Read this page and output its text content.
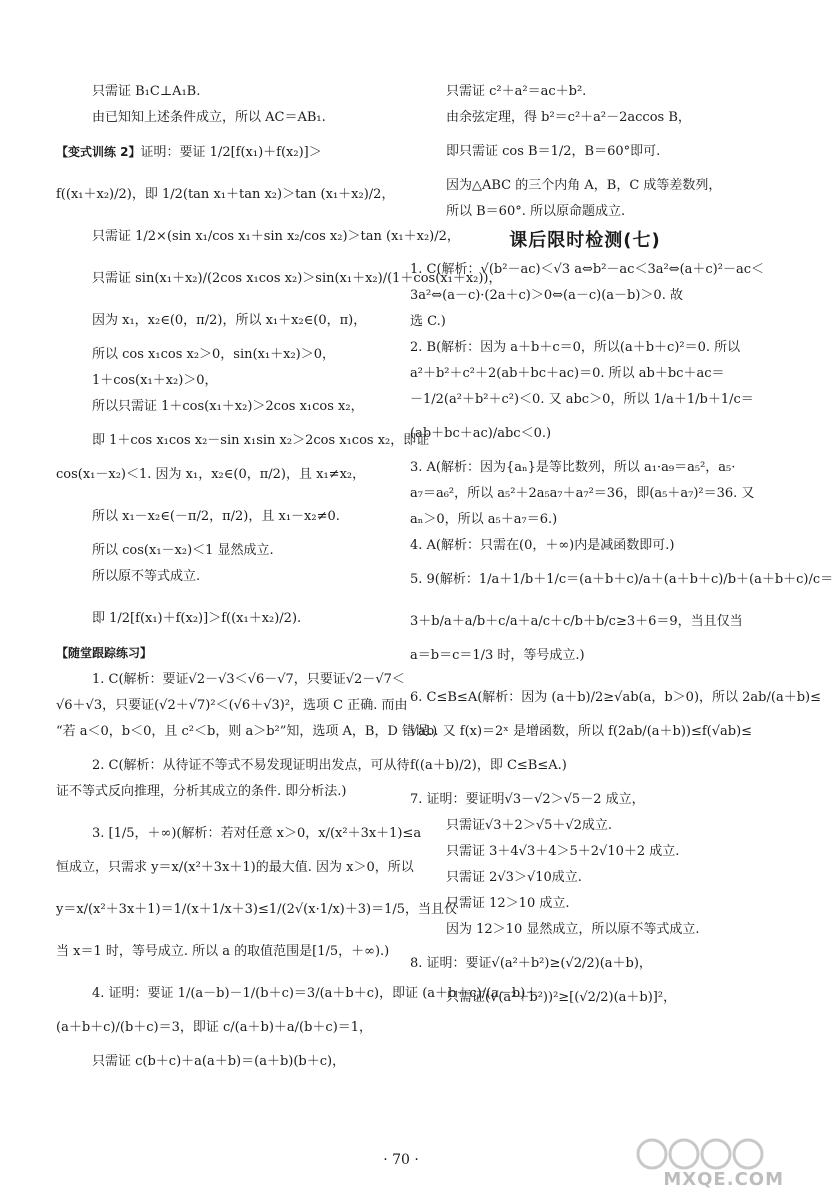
只需证 B₁C⊥A₁B.

由已知知上述条件成立，所以 AC＝AB₁.

【变式训练 2】证明：要证 1/2[f(x₁)＋f(x₂)]＞

f((x₁＋x₂)/2)，即 1/2(tan x₁＋tan x₂)＞tan (x₁＋x₂)/2，

只需证 1/2×(sin x₁/cos x₁＋sin x₂/cos x₂)＞tan (x₁＋x₂)/2，

只需证 sin(x₁＋x₂)/(2cos x₁cos x₂)＞sin(x₁＋x₂)/(1＋cos(x₁＋x₂))，

因为 x₁，x₂∈(0，π/2)，所以 x₁＋x₂∈(0，π)，

所以 cos x₁cos x₂＞0，sin(x₁＋x₂)＞0，

1＋cos(x₁＋x₂)＞0，

所以只需证 1＋cos(x₁＋x₂)＞2cos x₁cos x₂，

即 1＋cos x₁cos x₂－sin x₁sin x₂＞2cos x₁cos x₂，即证

cos(x₁－x₂)＜1. 因为 x₁，x₂∈(0，π/2)，且 x₁≠x₂，

所以 x₁－x₂∈(－π/2，π/2)，且 x₁－x₂≠0.

所以 cos(x₁－x₂)＜1 显然成立.

所以原不等式成立.

即 1/2[f(x₁)＋f(x₂)]＞f((x₁＋x₂)/2).

【随堂跟踪练习】

1. C(解析：要证√2－√3＜√6－√7，只要证√2－√7＜

√6＋√3，只要证(√2＋√7)²＜(√6＋√3)²，选项 C 正确. 而由

“若 a＜0，b＜0，且 c²＜b，则 a＞b²”知，选项 A，B，D 错误.)

2. C(解析：从待证不等式不易发现证明出发点，可从待

证不等式反向推理，分析其成立的条件. 即分析法.)

3. [1/5，＋∞)(解析：若对任意 x＞0，x/(x²＋3x＋1)≤a

恒成立，只需求 y＝x/(x²＋3x＋1)的最大值. 因为 x＞0，所以

y＝x/(x²＋3x＋1)＝1/(x＋1/x＋3)≤1/(2√(x·1/x)＋3)＝1/5，当且仅

当 x＝1 时，等号成立. 所以 a 的取值范围是[1/5，＋∞).)

4. 证明：要证 1/(a－b)－1/(b＋c)＝3/(a＋b＋c)，即证 (a＋b＋c)/(a－b)＋

(a＋b＋c)/(b＋c)＝3，即证 c/(a＋b)＋a/(b＋c)＝1，

只需证 c(b＋c)＋a(a＋b)＝(a＋b)(b＋c)，

只需证 c²＋a²＝ac＋b².

由余弦定理，得 b²＝c²＋a²－2accos B，

即只需证 cos B＝1/2，B＝60°即可.

因为△ABC 的三个内角 A，B，C 成等差数列，

所以 B＝60°. 所以原命题成立.

课后限时检测(七)

1. C(解析：√(b²－ac)＜√3 a⇔b²－ac＜3a²⇔(a＋c)²－ac＜

3a²⇔(a－c)·(2a＋c)＞0⇔(a－c)(a－b)＞0. 故

选 C.)

2. B(解析：因为 a＋b＋c＝0，所以(a＋b＋c)²＝0. 所以

a²＋b²＋c²＋2(ab＋bc＋ac)＝0. 所以 ab＋bc＋ac＝

－1/2(a²＋b²＋c²)＜0. 又 abc＞0，所以 1/a＋1/b＋1/c＝

(ab＋bc＋ac)/abc＜0.)

3. A(解析：因为{aₙ}是等比数列，所以 a₁·a₉＝a₅²，a₅·

a₇＝a₆²，所以 a₅²＋2a₅a₇＋a₇²＝36，即(a₅＋a₇)²＝36. 又

aₙ＞0，所以 a₅＋a₇＝6.)

4. A(解析：只需在(0，＋∞)内是减函数即可.)

5. 9(解析：1/a＋1/b＋1/c＝(a＋b＋c)/a＋(a＋b＋c)/b＋(a＋b＋c)/c＝

3＋b/a＋a/b＋c/a＋a/c＋c/b＋b/c≥3＋6＝9，当且仅当

a＝b＝c＝1/3 时，等号成立.)

6. C≤B≤A(解析：因为 (a＋b)/2≥√ab(a，b＞0)，所以 2ab/(a＋b)≤

√ab. 又 f(x)＝2ˣ 是增函数，所以 f(2ab/(a＋b))≤f(√ab)≤

f((a＋b)/2)，即 C≤B≤A.)

7. 证明：要证明√3－√2＞√5－2 成立，

只需证√3＋2＞√5＋√2成立.

只需证 3＋4√3＋4＞5＋2√10＋2 成立.

只需证 2√3＞√10成立.

只需证 12＞10 成立.

因为 12＞10 显然成立，所以原不等式成立.

8. 证明：要证√(a²＋b²)≥(√2/2)(a＋b)，

只需证(√(a²＋b²))²≥[(√2/2)(a＋b)]²，

· 70 ·
MXQE.COM
